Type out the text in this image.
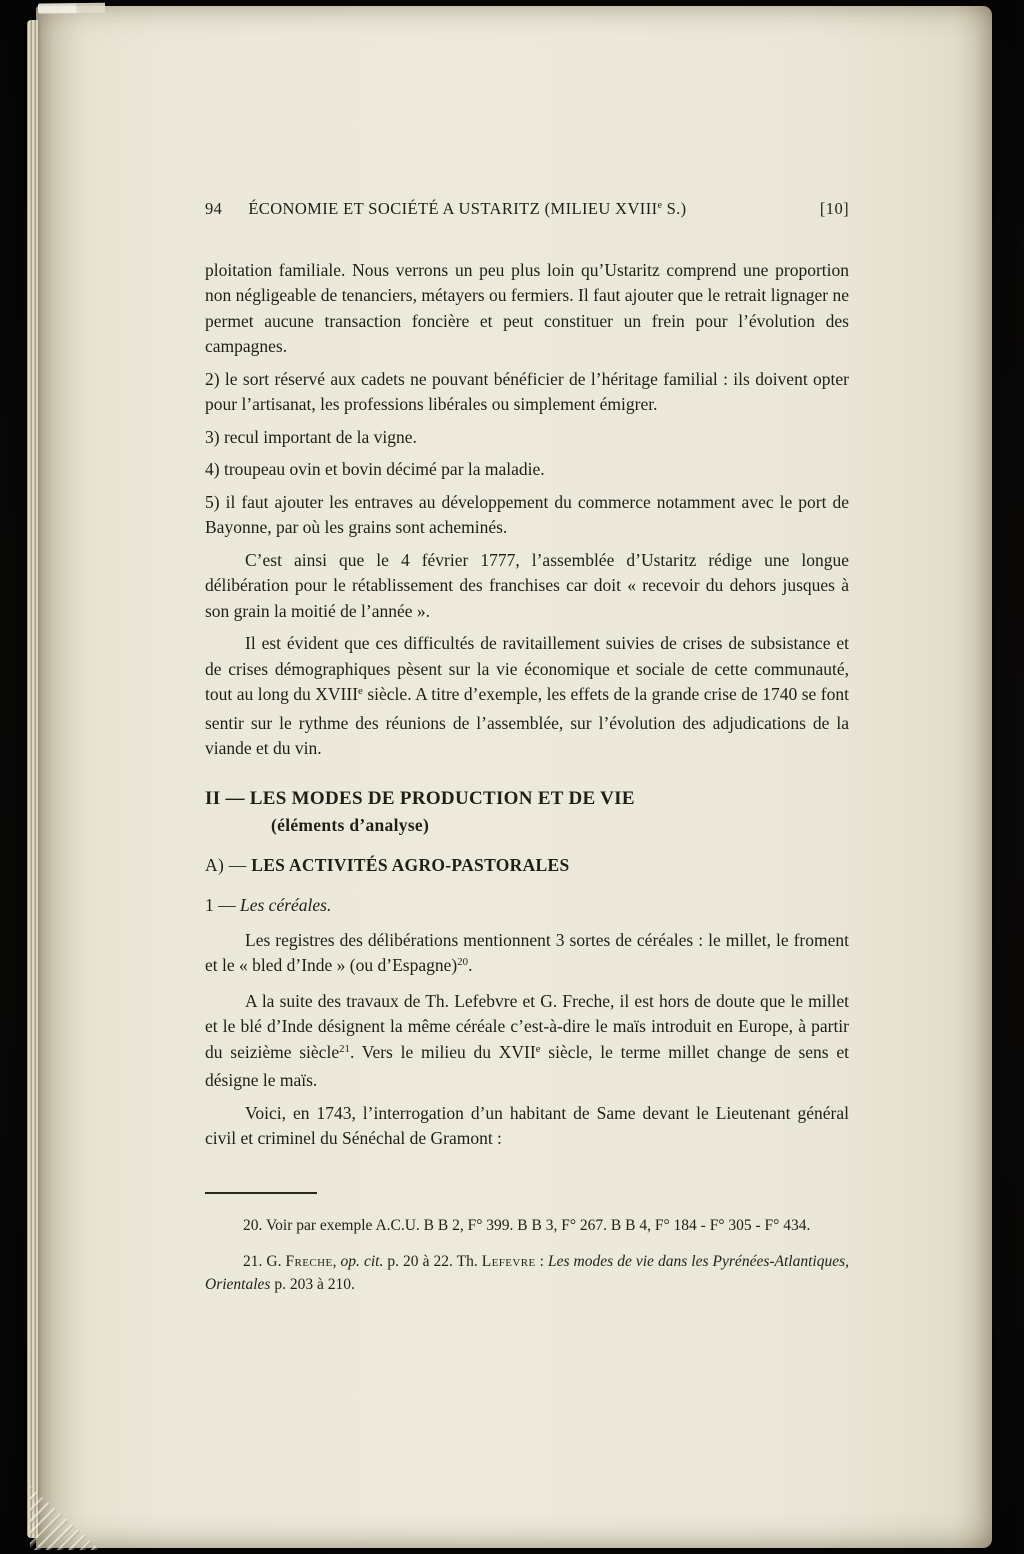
94 ÉCONOMIE ET SOCIÉTÉ A USTARITZ (MILIEU XVIIIe S.)	[10]

ploitation familiale. Nous verrons un peu plus loin qu’Ustaritz comprend une proportion non négligeable de tenanciers, métayers ou fermiers. Il faut ajouter que le retrait lignager ne permet aucune transaction foncière et peut constituer un frein pour l’évolution des campagnes.

2) le sort réservé aux cadets ne pouvant bénéficier de l’héritage familial : ils doivent opter pour l’artisanat, les professions libérales ou simplement émigrer.

3) recul important de la vigne.

4) troupeau ovin et bovin décimé par la maladie.

5) il faut ajouter les entraves au développement du commerce notamment avec le port de Bayonne, par où les grains sont acheminés.

C’est ainsi que le 4 février 1777, l’assemblée d’Ustaritz rédige une longue délibération pour le rétablissement des franchises car doit « recevoir du dehors jusques à son grain la moitié de l’année ».

Il est évident que ces difficultés de ravitaillement suivies de crises de subsistance et de crises démographiques pèsent sur la vie économique et sociale de cette communauté, tout au long du XVIIIe siècle. A titre d’exemple, les effets de la grande crise de 1740 se font sentir sur le rythme des réunions de l’assemblée, sur l’évolution des adjudications de la viande et du vin.

II — LES MODES DE PRODUCTION ET DE VIE
(éléments d’analyse)
A) — LES ACTIVITÉS AGRO-PASTORALES
1 — Les céréales.

Les registres des délibérations mentionnent 3 sortes de céréales : le millet, le froment et le « bled d’Inde » (ou d’Espagne)$^{20}$.

A la suite des travaux de Th. Lefebvre et G. Freche, il est hors de doute que le millet et le blé d’Inde désignent la même céréale c’est-à-dire le maïs introduit en Europe, à partir du seizième siècle$^{21}$. Vers le milieu du XVIIe siècle, le terme millet change de sens et désigne le maïs.

Voici, en 1743, l’interrogation d’un habitant de Same devant le Lieutenant général civil et criminel du Sénéchal de Gramont :

20. Voir par exemple A.C.U. B B 2, F° 399. B B 3, F° 267. B B 4, F° 184 - F° 305 - F° 434.

21. G. Freche, op. cit. p. 20 à 22. Th. Lefevre : Les modes de vie dans les Pyrénées-Atlantiques, Orientales p. 203 à 210.
